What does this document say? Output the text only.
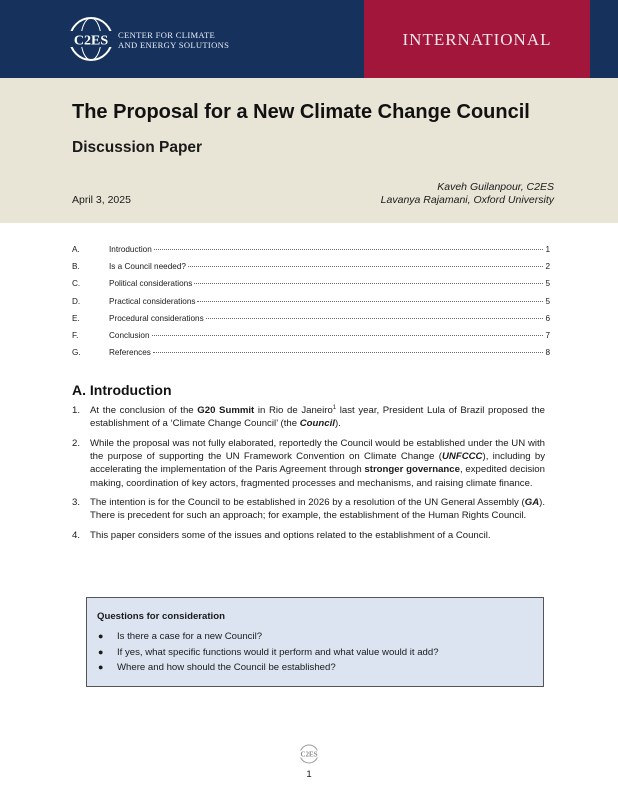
INTERNATIONAL
C2ES CENTER FOR CLIMATE
AND ENERGY SOLUTIONS
The Proposal for a New Climate Change Council
Discussion Paper
April 3, 2025
Kaveh Guilanpour, C2ES
Lavanya Rajamani, Oxford University
A.	Introduction	1
B.	Is a Council needed?	2
C.	Political considerations	5
D.	Practical considerations	5
E.	Procedural considerations	6
F.	Conclusion	7
G.	References	8
A. Introduction
1. At the conclusion of the G20 Summit in Rio de Janeiro$^1$ last year, President Lula of Brazil proposed the establishment of a ‘Climate Change Council’ (the Council).
2. While the proposal was not fully elaborated, reportedly the Council would be established under the UN with the purpose of supporting the UN Framework Convention on Climate Change (UNFCCC), including by accelerating the implementation of the Paris Agreement through stronger governance, expedited decision making, coordination of key actors, fragmented processes and mechanisms, and raising climate finance.
3. The intention is for the Council to be established in 2026 by a resolution of the UN General Assembly (GA). There is precedent for such an approach; for example, the establishment of the Human Rights Council.
4. This paper considers some of the issues and options related to the establishment of a Council.
Questions for consideration
● Is there a case for a new Council?
● If yes, what specific functions would it perform and what value would it add?
● Where and how should the Council be established?
C2ES
1
